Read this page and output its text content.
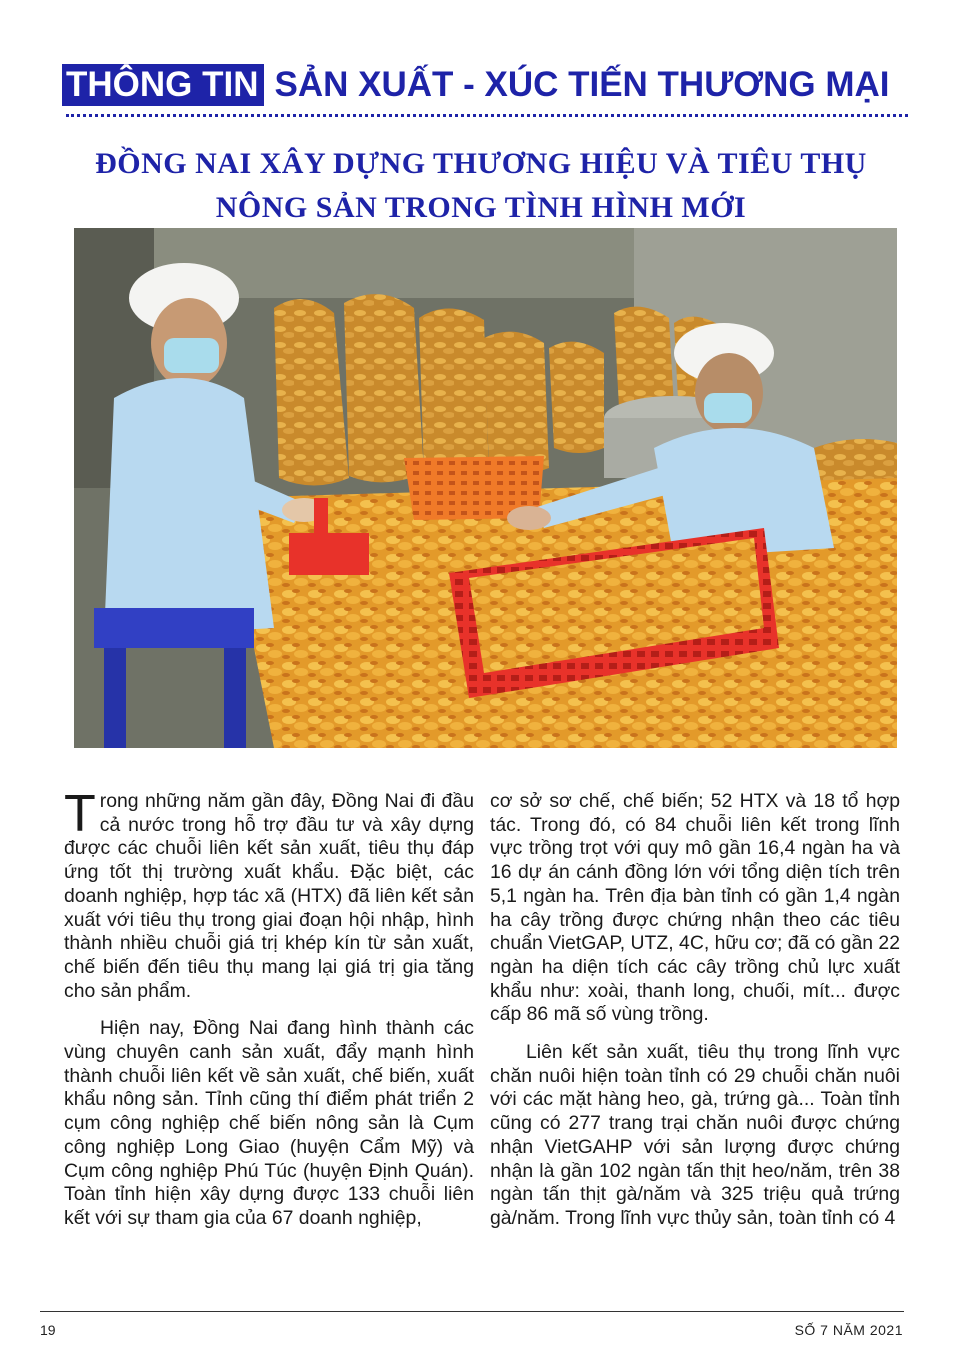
THÔNG TIN SẢN XUẤT - XÚC TIẾN THƯƠNG MẠI
ĐỒNG NAI XÂY DỰNG THƯƠNG HIỆU VÀ TIÊU THỤ
NÔNG SẢN TRONG TÌNH HÌNH MỚI

Trong những năm gần đây, Đồng Nai đi đầu cả nước trong hỗ trợ đầu tư và xây dựng được các chuỗi liên kết sản xuất, tiêu thụ đáp ứng tốt thị trường xuất khẩu. Đặc biệt, các doanh nghiệp, hợp tác xã (HTX) đã liên kết sản xuất với tiêu thụ trong giai đoạn hội nhập, hình thành nhiều chuỗi giá trị khép kín từ sản xuất, chế biến đến tiêu thụ mang lại giá trị gia tăng cho sản phẩm.

Hiện nay, Đồng Nai đang hình thành các vùng chuyên canh sản xuất, đẩy mạnh hình thành chuỗi liên kết về sản xuất, chế biến, xuất khẩu nông sản. Tỉnh cũng thí điểm phát triển 2 cụm công nghiệp chế biến nông sản là Cụm công nghiệp Long Giao (huyện Cẩm Mỹ) và Cụm công nghiệp Phú Túc (huyện Định Quán). Toàn tỉnh hiện xây dựng được 133 chuỗi liên kết với sự tham gia của 67 doanh nghiệp,

cơ sở sơ chế, chế biến; 52 HTX và 18 tổ hợp tác. Trong đó, có 84 chuỗi liên kết trong lĩnh vực trồng trọt với quy mô gần 16,4 ngàn ha và 16 dự án cánh đồng lớn với tổng diện tích trên 5,1 ngàn ha. Trên địa bàn tỉnh có gần 1,4 ngàn ha cây trồng được chứng nhận theo các tiêu chuẩn VietGAP, UTZ, 4C, hữu cơ; đã có gần 22 ngàn ha diện tích các cây trồng chủ lực xuất khẩu như: xoài, thanh long, chuối, mít... được cấp 86 mã số vùng trồng.

Liên kết sản xuất, tiêu thụ trong lĩnh vực chăn nuôi hiện toàn tỉnh có 29 chuỗi chăn nuôi với các mặt hàng heo, gà, trứng gà... Toàn tỉnh cũng có 277 trang trại chăn nuôi được chứng nhận VietGAHP với sản lượng được chứng nhận là gần 102 ngàn tấn thịt heo/năm, trên 38 ngàn tấn thịt gà/năm và 325 triệu quả trứng gà/năm. Trong lĩnh vực thủy sản, toàn tỉnh có 4

19	SỐ 7 NĂM 2021
